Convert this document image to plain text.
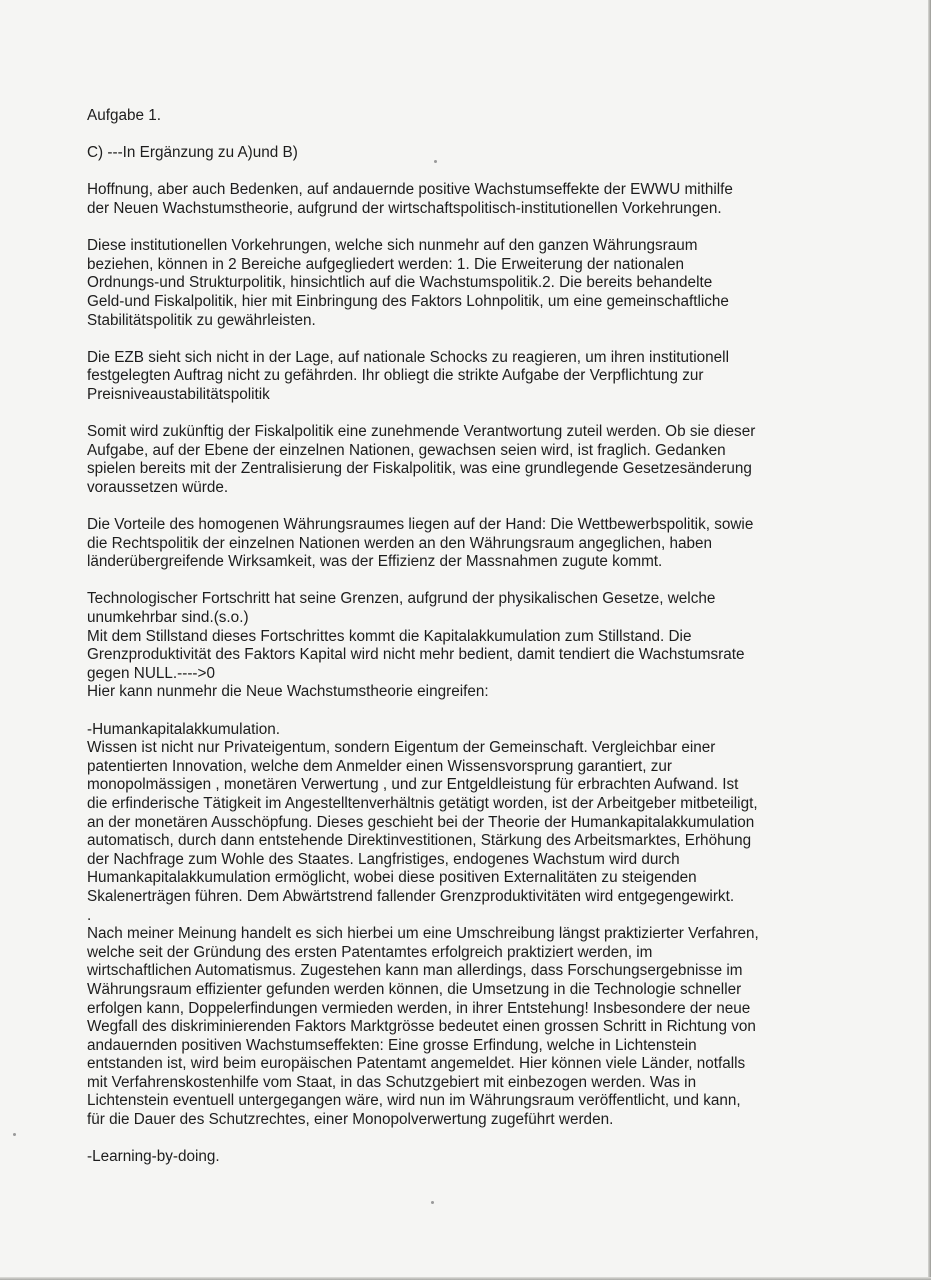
Aufgabe 1.

C) ---In Ergänzung zu A)und B)

Hoffnung, aber auch Bedenken, auf andauernde positive Wachstumseffekte der EWWU mithilfe
der Neuen Wachstumstheorie, aufgrund der wirtschaftspolitisch-institutionellen Vorkehrungen.

Diese institutionellen Vorkehrungen, welche sich nunmehr auf den ganzen Währungsraum
beziehen, können in 2 Bereiche aufgegliedert werden: 1. Die Erweiterung der nationalen
Ordnungs-und Strukturpolitik, hinsichtlich auf die Wachstumspolitik.2. Die bereits behandelte
Geld-und Fiskalpolitik, hier mit Einbringung des Faktors Lohnpolitik, um eine gemeinschaftliche
Stabilitätspolitik zu gewährleisten.

Die EZB sieht sich nicht in der Lage, auf nationale Schocks zu reagieren, um ihren institutionell
festgelegten Auftrag nicht zu gefährden. Ihr obliegt die strikte Aufgabe der Verpflichtung zur
Preisniveaustabilitätspolitik

Somit wird zukünftig der Fiskalpolitik eine zunehmende Verantwortung zuteil werden. Ob sie dieser
Aufgabe, auf der Ebene der einzelnen Nationen, gewachsen seien wird, ist fraglich. Gedanken
spielen bereits mit der Zentralisierung der Fiskalpolitik, was eine grundlegende Gesetzesänderung
voraussetzen würde.

Die Vorteile des homogenen Währungsraumes liegen auf der Hand: Die Wettbewerbspolitik, sowie
die Rechtspolitik der einzelnen Nationen werden an den Währungsraum angeglichen, haben
länderübergreifende Wirksamkeit, was der Effizienz der Massnahmen zugute kommt.

Technologischer Fortschritt hat seine Grenzen, aufgrund der physikalischen Gesetze, welche
unumkehrbar sind.(s.o.)
Mit dem Stillstand dieses Fortschrittes kommt die Kapitalakkumulation zum Stillstand. Die
Grenzproduktivität des Faktors Kapital wird nicht mehr bedient, damit tendiert die Wachstumsrate
gegen NULL.---->0
Hier kann nunmehr die Neue Wachstumstheorie eingreifen:

-Humankapitalakkumulation.
Wissen ist nicht nur Privateigentum, sondern Eigentum der Gemeinschaft. Vergleichbar einer
patentierten Innovation, welche dem Anmelder einen Wissensvorsprung garantiert, zur
monopolmässigen , monetären Verwertung , und zur Entgeldleistung für erbrachten Aufwand. Ist
die erfinderische Tätigkeit im Angestelltenverhältnis getätigt worden, ist der Arbeitgeber mitbeteiligt,
an der monetären Ausschöpfung. Dieses geschieht bei der Theorie der Humankapitalakkumulation
automatisch, durch dann entstehende Direktinvestitionen, Stärkung des Arbeitsmarktes, Erhöhung
der Nachfrage zum Wohle des Staates. Langfristiges, endogenes Wachstum wird durch
Humankapitalakkumulation ermöglicht, wobei diese positiven Externalitäten zu steigenden
Skalenerträgen führen. Dem Abwärtstrend fallender Grenzproduktivitäten wird entgegengewirkt.

.

Nach meiner Meinung handelt es sich hierbei um eine Umschreibung längst praktizierter Verfahren,
welche seit der Gründung des ersten Patentamtes erfolgreich praktiziert werden, im
wirtschaftlichen Automatismus. Zugestehen kann man allerdings, dass Forschungsergebnisse im
Währungsraum effizienter gefunden werden können, die Umsetzung in die Technologie schneller
erfolgen kann, Doppelerfindungen vermieden werden, in ihrer Entstehung! Insbesondere der neue
Wegfall des diskriminierenden Faktors Marktgrösse bedeutet einen grossen Schritt in Richtung von
andauernden positiven Wachstumseffekten: Eine grosse Erfindung, welche in Lichtenstein
entstanden ist, wird beim europäischen Patentamt angemeldet. Hier können viele Länder, notfalls
mit Verfahrenskostenhilfe vom Staat, in das Schutzgebiert mit einbezogen werden. Was in
Lichtenstein eventuell untergegangen wäre, wird nun im Währungsraum veröffentlicht, und kann,
für die Dauer des Schutzrechtes, einer Monopolverwertung zugeführt werden.

-Learning-by-doing.
